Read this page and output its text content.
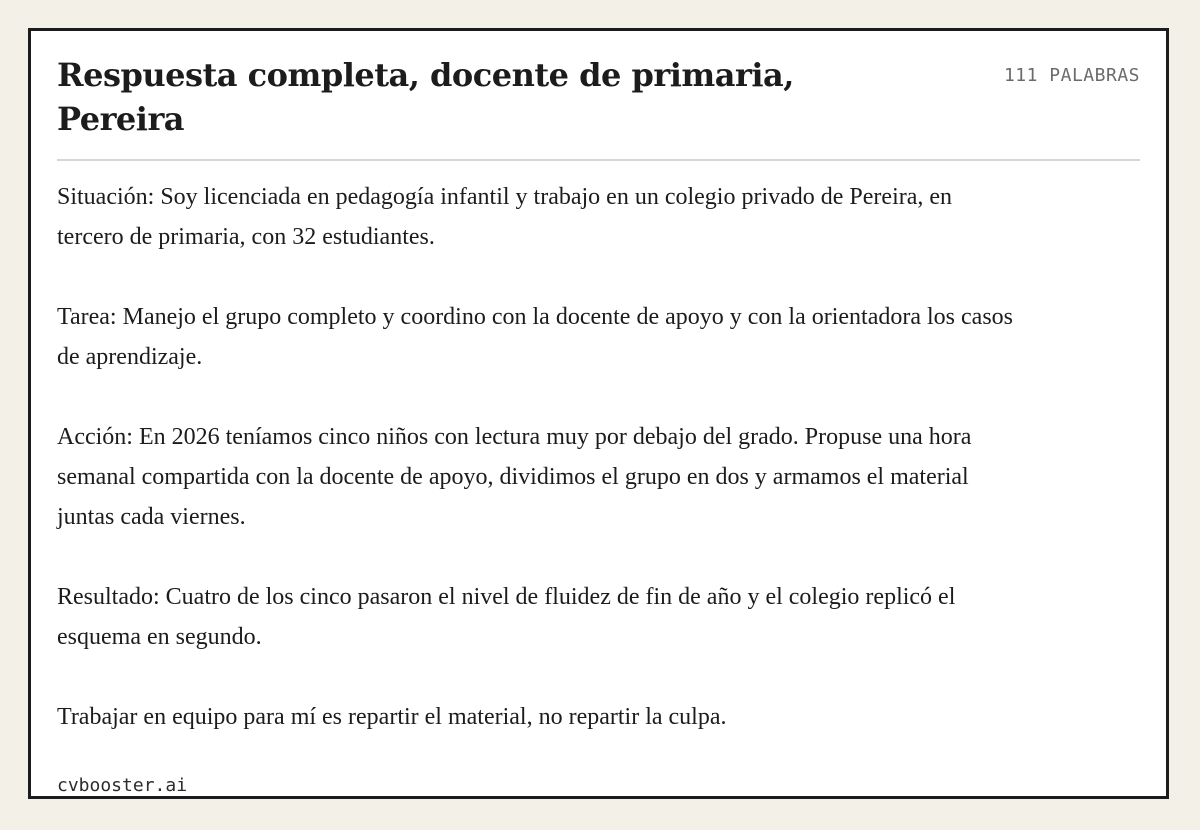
Respuesta completa, docente de primaria, Pereira
111 PALABRAS

Situación: Soy licenciada en pedagogía infantil y trabajo en un colegio privado de Pereira, en tercero de primaria, con 32 estudiantes.

Tarea: Manejo el grupo completo y coordino con la docente de apoyo y con la orientadora los casos de aprendizaje.

Acción: En 2026 teníamos cinco niños con lectura muy por debajo del grado. Propuse una hora semanal compartida con la docente de apoyo, dividimos el grupo en dos y armamos el material juntas cada viernes.

Resultado: Cuatro de los cinco pasaron el nivel de fluidez de fin de año y el colegio replicó el esquema en segundo.

Trabajar en equipo para mí es repartir el material, no repartir la culpa.

cvbooster.ai
